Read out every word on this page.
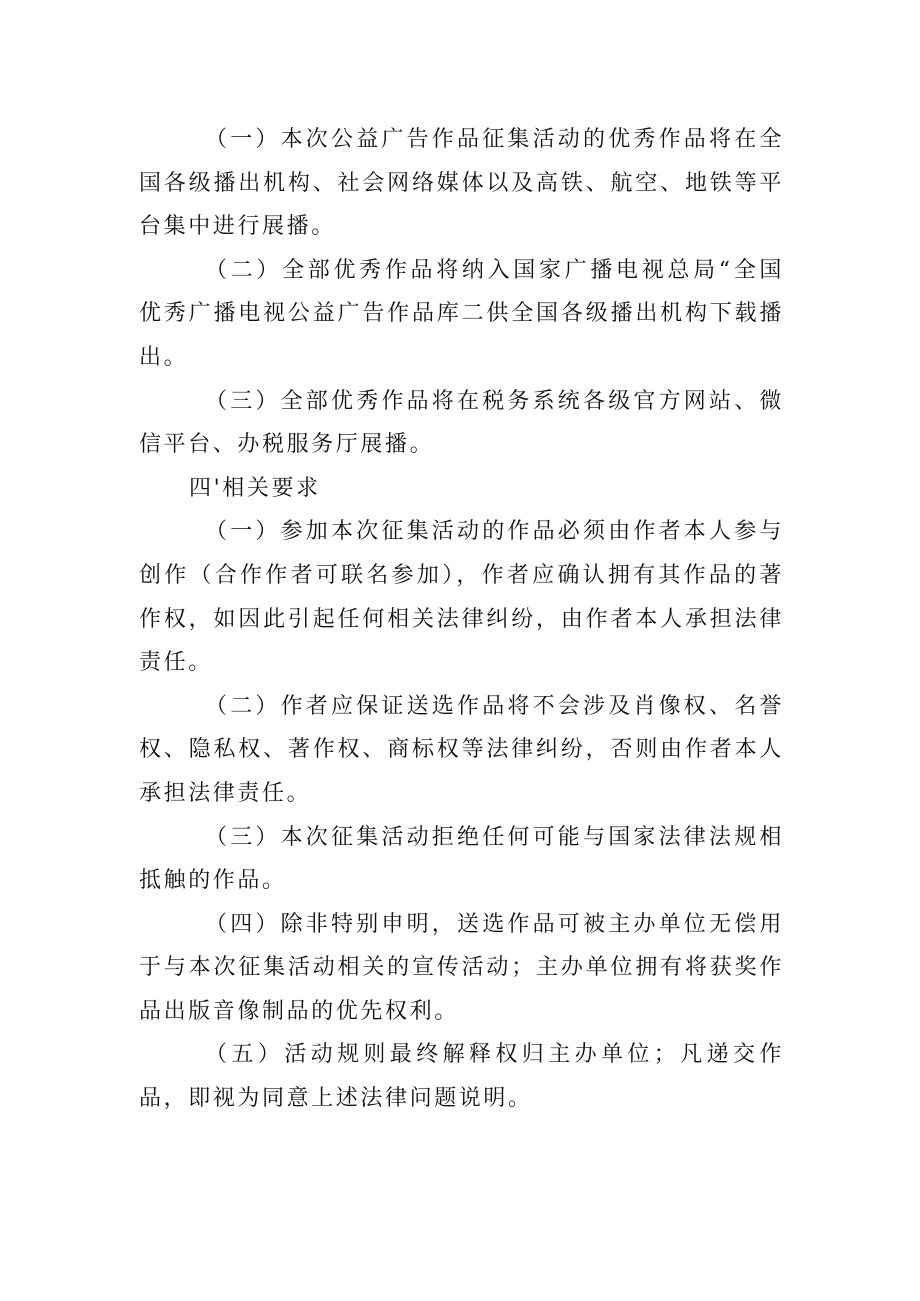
（一）本次公益广告作品征集活动的优秀作品将在全国各级播出机构、社会网络媒体以及高铁、航空、地铁等平台集中进行展播。

（二）全部优秀作品将纳入国家广播电视总局“全国优秀广播电视公益广告作品库二供全国各级播出机构下载播出。

（三）全部优秀作品将在税务系统各级官方网站、微信平台、办税服务厅展播。

四'相关要求

（一）参加本次征集活动的作品必须由作者本人参与创作（合作作者可联名参加），作者应确认拥有其作品的著作权，如因此引起任何相关法律纠纷，由作者本人承担法律责任。

（二）作者应保证送选作品将不会涉及肖像权、名誉权、隐私权、著作权、商标权等法律纠纷，否则由作者本人承担法律责任。

（三）本次征集活动拒绝任何可能与国家法律法规相抵触的作品。

（四）除非特别申明，送选作品可被主办单位无偿用于与本次征集活动相关的宣传活动；主办单位拥有将获奖作品出版音像制品的优先权利。

（五）活动规则最终解释权归主办单位；凡递交作品，即视为同意上述法律问题说明。
